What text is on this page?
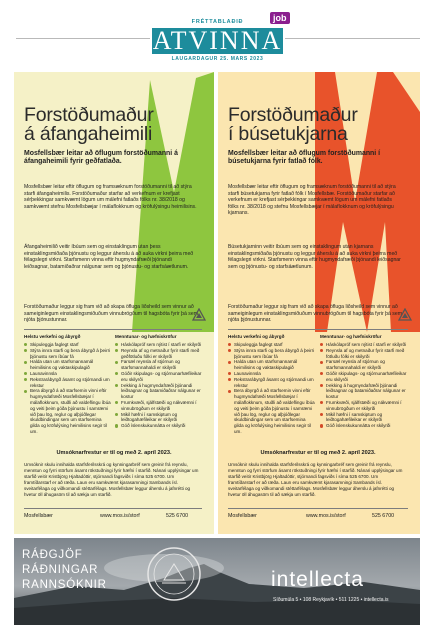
FRÉTTABLAÐIÐ
ATVINNA
LAUGARDAGUR 25. MARS 2023
job
Forstöðumaður
á áfangaheimili
Mosfellsbær leitar að öflugum forstöðumanni á áfangaheimili fyrir geðfatlaða.
Mosfellsbær leitar eftir öflugum og framsæknum forstöðumanni til að stýra starfi áfangaheimilis. Forstöðumaður starfar að verkefnum er krefjast sérþekkingar samkvæmt lögum um málefni fatlaðs fólks nr. 38/2018 og samkvæmt stefnu Mosfellsbæjar í málaflokknum og kröfulýsingu heimilisins.
Áfangaheimilið veitir íbúum sem og einstaklingum utan þess einstaklingsmiðaða þjónustu og leggur áherslu á að auka virkni þeirra með félagslegri virkni. Starfsmenn vinna eftir hugmyndafræði þjónandi leiðsagnar, batamiðaðrar nálgunar sem og þjónustu- og starfsáætlunum.
Forstöðumaður leggur sig fram við að skapa öfluga liðsheild sem vinnur að sameiginlegum einstaklingsmiðuðum vinnubrögðum til hagsbóta fyrir þá sem njóta þjónustunnar.
Helstu verkefni og ábyrgð
Skipuleggja faglegt starf
Stýra innra starfi og bera ábyrgð á þeirri þjónustu sem íbúar fá
Halda utan um starfsmannamál heimilisins og vaktaskipulagið
Launavinnsla
Rekstrarábyrgð ásamt og stjórnandi um rekstur
Bera ábyrgð á að starfsemin vinni eftir hugmyndafræði Mosfellsbæjar í málaflokknum, stuðli að valdeflingu íbúa og veiti þeim góða þjónustu í samræmi við þau lög, reglur og alþjóðlegar skuldbindingar sem um starfsemina gilda og kröfulýsing heimilisins segir til um.
Menntunar- og hæfniskröfur
Háskólapróf sem nýtist í starfi er skilyrði
Reynsla af og metnaður fyrir starfi með geðfötluðu fólki er skilyrði
Farsæl reynsla af stjórnun og starfsmannahaldi er skilyrði
Góðir skipulags- og stjórnunarhæfileikar eru skilyrði
Þekking á hugmyndafræði þjónandi leiðsagnar og batamiðaðrar nálgunar er kostur
Frumkvæði, sjálfstæði og nákvæmni í vinnubrögðum er skilyrði
Mikil hæfni í samskiptum og leiðtogahæfileikar er skilyrði
Góð íslenskukunnátta er skilyrði
Umsóknarfrestur er til og með 2. apríl 2023.
Umsóknir skulu innihalda starfsferilsskrá og kynningarbréf sem greinir frá reynslu, menntun og fyrri störfum ásamt rökstuðningi fyrir hæfni í starfið. Nánari upplýsingar um starfið veitir Kristbjörg Hjaltadóttir, stjórnandi fagsviðs í síma 525 6700. Um framtíðarstarf er að ræða. Laun eru samkvæmt kjarasamningi Sambands ísl. sveitarfélaga og viðkomandi stéttarfélags. Mosfellsbær leggur áherslu á jafnrétti og hvetur öll áhugasöm til að sækja um starfið.
Mosfellsbær	www.mos.is/storf	525 6700
Forstöðumaður
í búsetukjarna
Mosfellsbær leitar að öflugum forstöðumanni í búsetukjarna fyrir fatlað fólk.
Mosfellsbær leitar eftir öflugum og framsæknum forstöðumanni til að stýra starfi búsetukjarna fyrir fatlað fólk í Mosfellsbæ. Forstöðumaður starfar að verkefnum er krefjast sérþekkingar samkvæmt lögum um málefni fatlaðs fólks nr. 38/2018 og stefnu Mosfellsbæjar í málaflokknum og kröfulýsingu kjarnans.
Búsetukjarninn veitir íbúum sem og einstaklingum utan kjarnans einstaklingsmiðaða þjónustu og leggur áherslu á að auka virkni þeirra með félagslegri virkni. Starfsmenn vinna eftir hugmyndafræði þjónandi leiðsagnar sem og þjónustu- og starfsáætlunum.
Forstöðumaður leggur sig fram við að skapa öfluga liðsheild sem vinnur að sameiginlegum einstaklingsmiðuðum vinnubrögðum til hagsbóta fyrir þá sem njóta þjónustunnar.
Helstu verkefni og ábyrgð
Skipuleggja faglegt starf
Stýra innra starfi og bera ábyrgð á þeirri þjónustu sem íbúar fá
Halda utan um starfsmannamál heimilisins og vaktaskipulagið
Launavinnsla
Rekstrarábyrgð ásamt og stjórnandi um rekstur
Bera ábyrgð á að starfsemin vinni eftir hugmyndafræði Mosfellsbæjar í málaflokknum, stuðli að valdeflingu íbúa og veiti þeim góða þjónustu í samræmi við þau lög, reglur og alþjóðlegar skuldbindingar sem um starfsemina gilda og kröfulýsing heimilisins segir til um.
Menntunar- og hæfniskröfur
Háskólapróf sem nýtist í starfi er skilyrði
Reynsla af og metnaður fyrir starfi með fötluðu fólki er skilyrði
Farsæl reynsla af stjórnun og starfsmannahaldi er skilyrði
Góðir skipulags- og stjórnunarhæfileikar eru skilyrði
Þekking á hugmyndafræði þjónandi leiðsagnar og batamiðaðrar nálgunar er kostur
Frumkvæði, sjálfstæði og nákvæmni í vinnubrögðum er skilyrði
Mikil hæfni í samskiptum og leiðtogahæfileikar er skilyrði
Góð íslenskukunnátta er skilyrði
Umsóknarfrestur er til og með 2. apríl 2023.
Umsóknir skulu innihalda starfsferilsskrá og kynningarbréf sem greinir frá reynslu, menntun og fyrri störfum ásamt rökstuðningi fyrir hæfni í starfið. Nánari upplýsingar um starfið veitir Kristbjörg Hjaltadóttir, stjórnandi fagsviðs í síma 525 6700. Um framtíðarstarf er að ræða. Laun eru samkvæmt kjarasamningi Sambands ísl. sveitarfélaga og viðkomandi stéttarfélags. Mosfellsbær leggur áherslu á jafnrétti og hvetur öll áhugasöm til að sækja um starfið.
Mosfellsbær	www.mos.is/storf	525 6700
RÁÐGJÖF
RÁÐNINGAR
RANNSÓKNIR	intellecta
Síðumúla 5 • 108 Reykjavík • 511 1225 • intellecta.is
